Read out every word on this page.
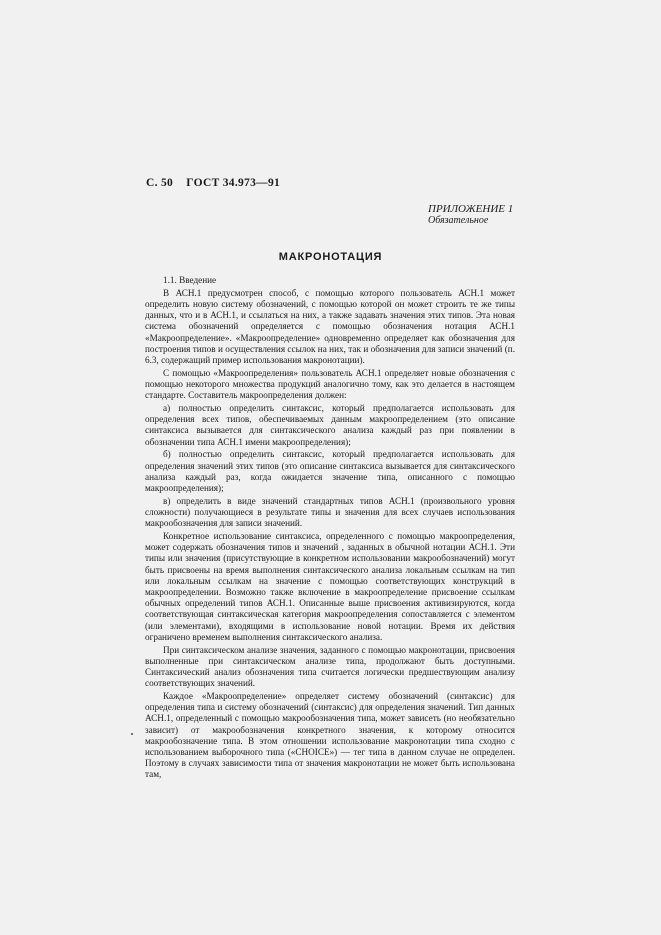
С. 50 ГОСТ 34.973—91
ПРИЛОЖЕНИЕ 1
Обязательное
МАКРОНОТАЦИЯ

1.1. Введение

В АСН.1 предусмотрен способ, с помощью которого пользователь АСН.1 может определить новую систему обозначений, с помощью которой он может строить те же типы данных, что и в АСН.1, и ссылаться на них, а также задавать значения этих типов. Эта новая система обозначений определяется с помощью обозначения нотация АСН.1 «Макроопределение». «Макроопределение» одновременно определяет как обозначения для построения типов и осуществления ссылок на них, так и обозначения для записи значений (п. 6.3, содержащий пример использования макронотации).

С помощью «Макроопределения» пользователь АСН.1 определяет новые обозначения с помощью некоторого множества продукций аналогично тому, как это делается в настоящем стандарте. Составитель макроопределения должен:

а) полностью определить синтаксис, который предполагается использовать для определения всех типов, обеспечиваемых данным макроопределением (это описание синтаксиса вызывается для синтаксического анализа каждый раз при появлении в обозначении типа АСН.1 имени макроопределения);

б) полностью определить синтаксис, который предполагается использовать для определения значений этих типов (это описание синтаксиса вызывается для синтаксического анализа каждый раз, когда ожидается значение типа, описанного с помощью макроопределения);

в) определить в виде значений стандартных типов АСН.1 (произвольного уровня сложности) получающиеся в результате типы и значения для всех случаев использования макрообозначения для записи значений.

Конкретное использование синтаксиса, определенного с помощью макроопределения, может содержать обозначения типов и значений , заданных в обычной нотации АСН.1. Эти типы или значения (присутствующие в конкретном использовании макрообозначений) могут быть присвоены на время выполнения синтаксического анализа локальным ссылкам на тип или локальным ссылкам на значение с помощью соответствующих конструкций в макроопределении. Возможно также включение в макроопределение присвоение ссылкам обычных определений типов АСН.1. Описанные выше присвоения активизируются, когда соответствующая синтаксическая категория макроопределения сопоставляется с элементом (или элементами), входящими в использование новой нотации. Время их действия ограничено временем выполнения синтаксического анализа.

При синтаксическом анализе значения, заданного с помощью макронотации, присвоения выполненные при синтаксическом анализе типа, продолжают быть доступными. Синтаксический анализ обозначения типа считается логически предшествующим анализу соответствующих значений.

Каждое «Макроопределение» определяет систему обозначений (синтаксис) для определения типа и систему обозначений (синтаксис) для определения значений. Тип данных АСН.1, определенный с помощью макрообозначения типа, может зависеть (но необязательно зависит) от макрообозначения конкретного значения, к которому относится макрообозначение типа. В этом отношении использование макронотации типа сходно с использованием выборочного типа («CHOICE») — тег типа в данном случае не определен. Поэтому в случаях зависимости типа от значения макронотации не может быть использована там,
